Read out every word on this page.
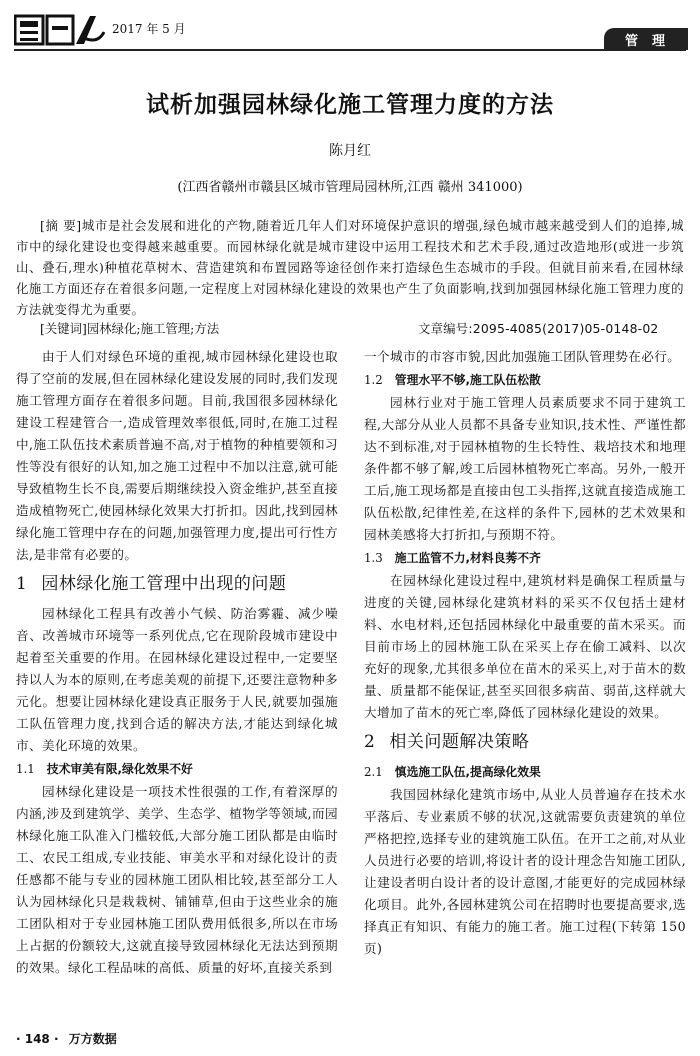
2017 年 5 月
管理
试析加强园林绿化施工管理力度的方法
陈月红
(江西省赣州市赣县区城市管理局园林所,江西 赣州 341000)
[摘 要]城市是社会发展和进化的产物,随着近几年人们对环境保护意识的增强,绿色城市越来越受到人们的追捧,城市中的绿化建设也变得越来越重要。而园林绿化就是城市建设中运用工程技术和艺术手段,通过改造地形(或进一步筑山、叠石,理水)种植花草树木、营造建筑和布置园路等途径创作来打造绿色生态城市的手段。但就目前来看,在园林绿化施工方面还存在着很多问题,一定程度上对园林绿化建设的效果也产生了负面影响,找到加强园林绿化施工管理力度的方法就变得尤为重要。
[关键词]园林绿化;施工管理;方法	文章编号:2095-4085(2017)05-0148-02

由于人们对绿色环境的重视,城市园林绿化建设也取得了空前的发展,但在园林绿化建设发展的同时,我们发现施工管理方面存在着很多问题。目前,我国很多园林绿化建设工程建管合一,造成管理效率很低,同时,在施工过程中,施工队伍技术素质普遍不高,对于植物的种植要领和习性等没有很好的认知,加之施工过程中不加以注意,就可能导致植物生长不良,需要后期继续投入资金维护,甚至直接造成植物死亡,使园林绿化效果大打折扣。因此,找到园林绿化施工管理中存在的问题,加强管理力度,提出可行性方法,是非常有必要的。

1 园林绿化施工管理中出现的问题

园林绿化工程具有改善小气候、防治雾霾、减少噪音、改善城市环境等一系列优点,它在现阶段城市建设中起着至关重要的作用。在园林绿化建设过程中,一定要坚持以人为本的原则,在考虑美观的前提下,还要注意物种多元化。想要让园林绿化建设真正服务于人民,就要加强施工队伍管理力度,找到合适的解决方法,才能达到绿化城市、美化环境的效果。

1.1 技术审美有限,绿化效果不好

园林绿化建设是一项技术性很强的工作,有着深厚的内涵,涉及到建筑学、美学、生态学、植物学等领域,而园林绿化施工队准入门槛较低,大部分施工团队都是由临时工、农民工组成,专业技能、审美水平和对绿化设计的责任感都不能与专业的园林施工团队相比较,甚至部分工人认为园林绿化只是栽栽树、铺铺草,但由于这些业余的施工团队相对于专业园林施工团队费用低很多,所以在市场上占据的份额较大,这就直接导致园林绿化无法达到预期的效果。绿化工程品味的高低、质量的好坏,直接关系到

一个城市的市容市貌,因此加强施工团队管理势在必行。

1.2 管理水平不够,施工队伍松散

园林行业对于施工管理人员素质要求不同于建筑工程,大部分从业人员都不具备专业知识,技术性、严谨性都达不到标准,对于园林植物的生长特性、栽培技术和地理条件都不够了解,竣工后园林植物死亡率高。另外,一般开工后,施工现场都是直接由包工头指挥,这就直接造成施工队伍松散,纪律性差,在这样的条件下,园林的艺术效果和园林美感将大打折扣,与预期不符。

1.3 施工监管不力,材料良莠不齐

在园林绿化建设过程中,建筑材料是确保工程质量与进度的关键,园林绿化建筑材料的采买不仅包括土建材料、水电材料,还包括园林绿化中最重要的苗木采买。而目前市场上的园林施工队在采买上存在偷工减料、以次充好的现象,尤其很多单位在苗木的采买上,对于苗木的数量、质量都不能保证,甚至买回很多病苗、弱苗,这样就大大增加了苗木的死亡率,降低了园林绿化建设的效果。

2 相关问题解决策略
2.1 慎选施工队伍,提高绿化效果

我国园林绿化建筑市场中,从业人员普遍存在技术水平落后、专业素质不够的状况,这就需要负责建筑的单位严格把控,选择专业的建筑施工队伍。在开工之前,对从业人员进行必要的培训,将设计者的设计理念告知施工团队,让建设者明白设计者的设计意图,才能更好的完成园林绿化项目。此外,各园林建筑公司在招聘时也要提高要求,选择真正有知识、有能力的施工者。施工过程(下转第 150 页)

· 148 · 万方数据
